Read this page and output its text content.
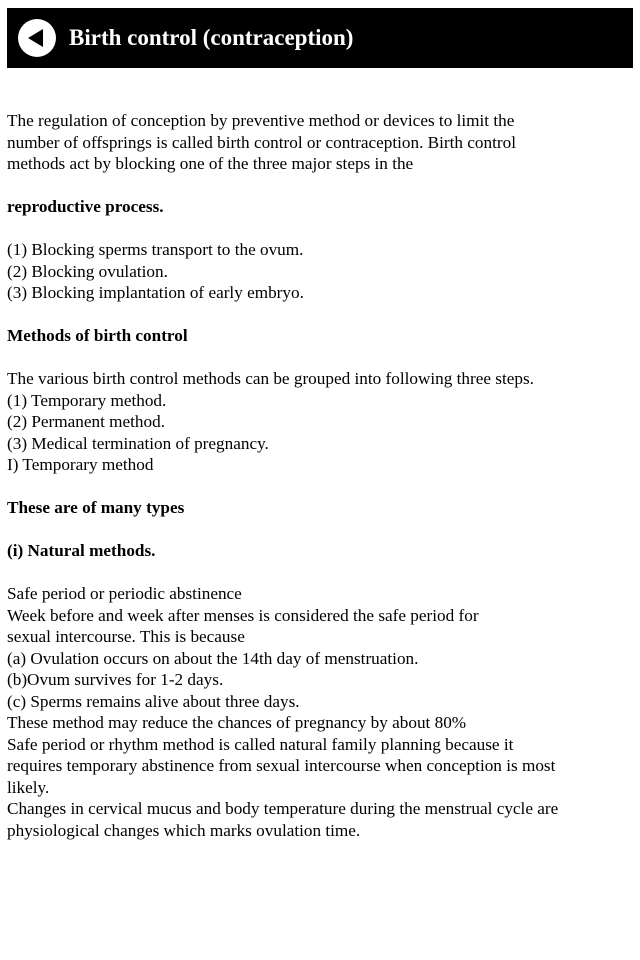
Birth control (contraception)

The regulation of conception by preventive method or devices to limit the

number of offsprings is called birth control or contraception. Birth control

methods act by blocking one of the three major steps in the

reproductive process.

(1) Blocking sperms transport to the ovum.

(2) Blocking ovulation.

(3) Blocking implantation of early embryo.

Methods of birth control

The various birth control methods can be grouped into following three steps.

(1) Temporary method.

(2) Permanent method.

(3) Medical termination of pregnancy.

I) Temporary method

These are of many types

(i) Natural methods.

Safe period or periodic abstinence

Week before and week after menses is considered the safe period for

sexual intercourse. This is because

(a) Ovulation occurs on about the 14th day of menstruation.

(b)Ovum survives for 1-2 days.

(c) Sperms remains alive about three days.

These method may reduce the chances of pregnancy by about 80%

Safe period or rhythm method is called natural family planning because it

requires temporary abstinence from sexual intercourse when conception is most

likely.

Changes in cervical mucus and body temperature during the menstrual cycle are

physiological changes which marks ovulation time.
